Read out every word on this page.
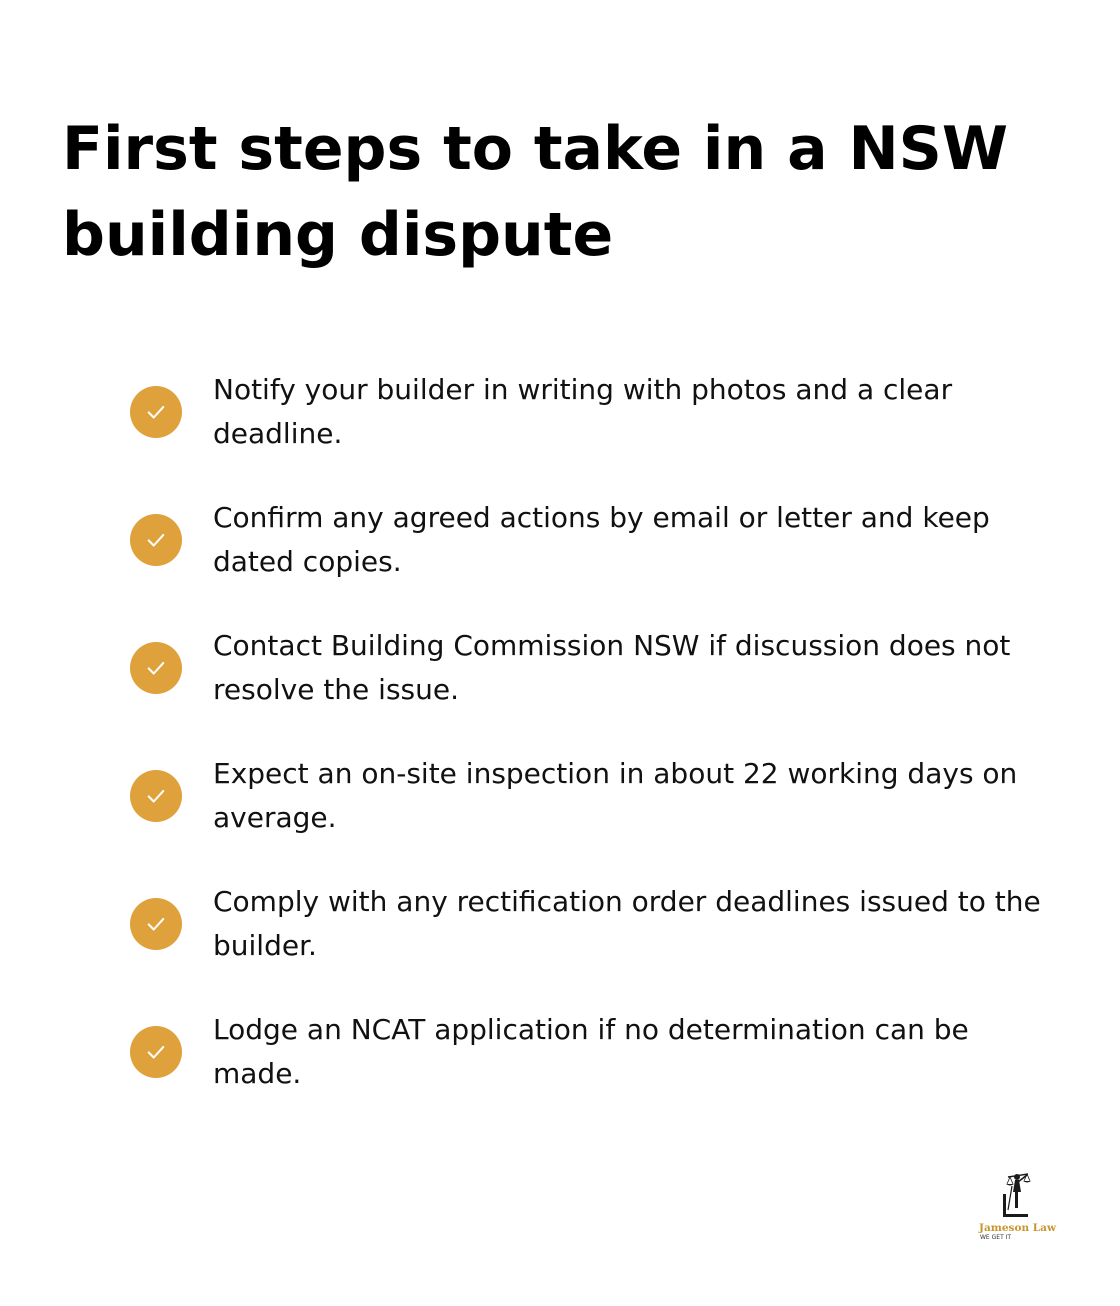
First steps to take in a NSW building dispute
Notify your builder in writing with photos and a clear deadline.
Confirm any agreed actions by email or letter and keep dated copies.
Contact Building Commission NSW if discussion does not resolve the issue.
Expect an on-site inspection in about 22 working days on average.
Comply with any rectification order deadlines issued to the builder.
Lodge an NCAT application if no determination can be made.
Jameson Law
WE GET IT
